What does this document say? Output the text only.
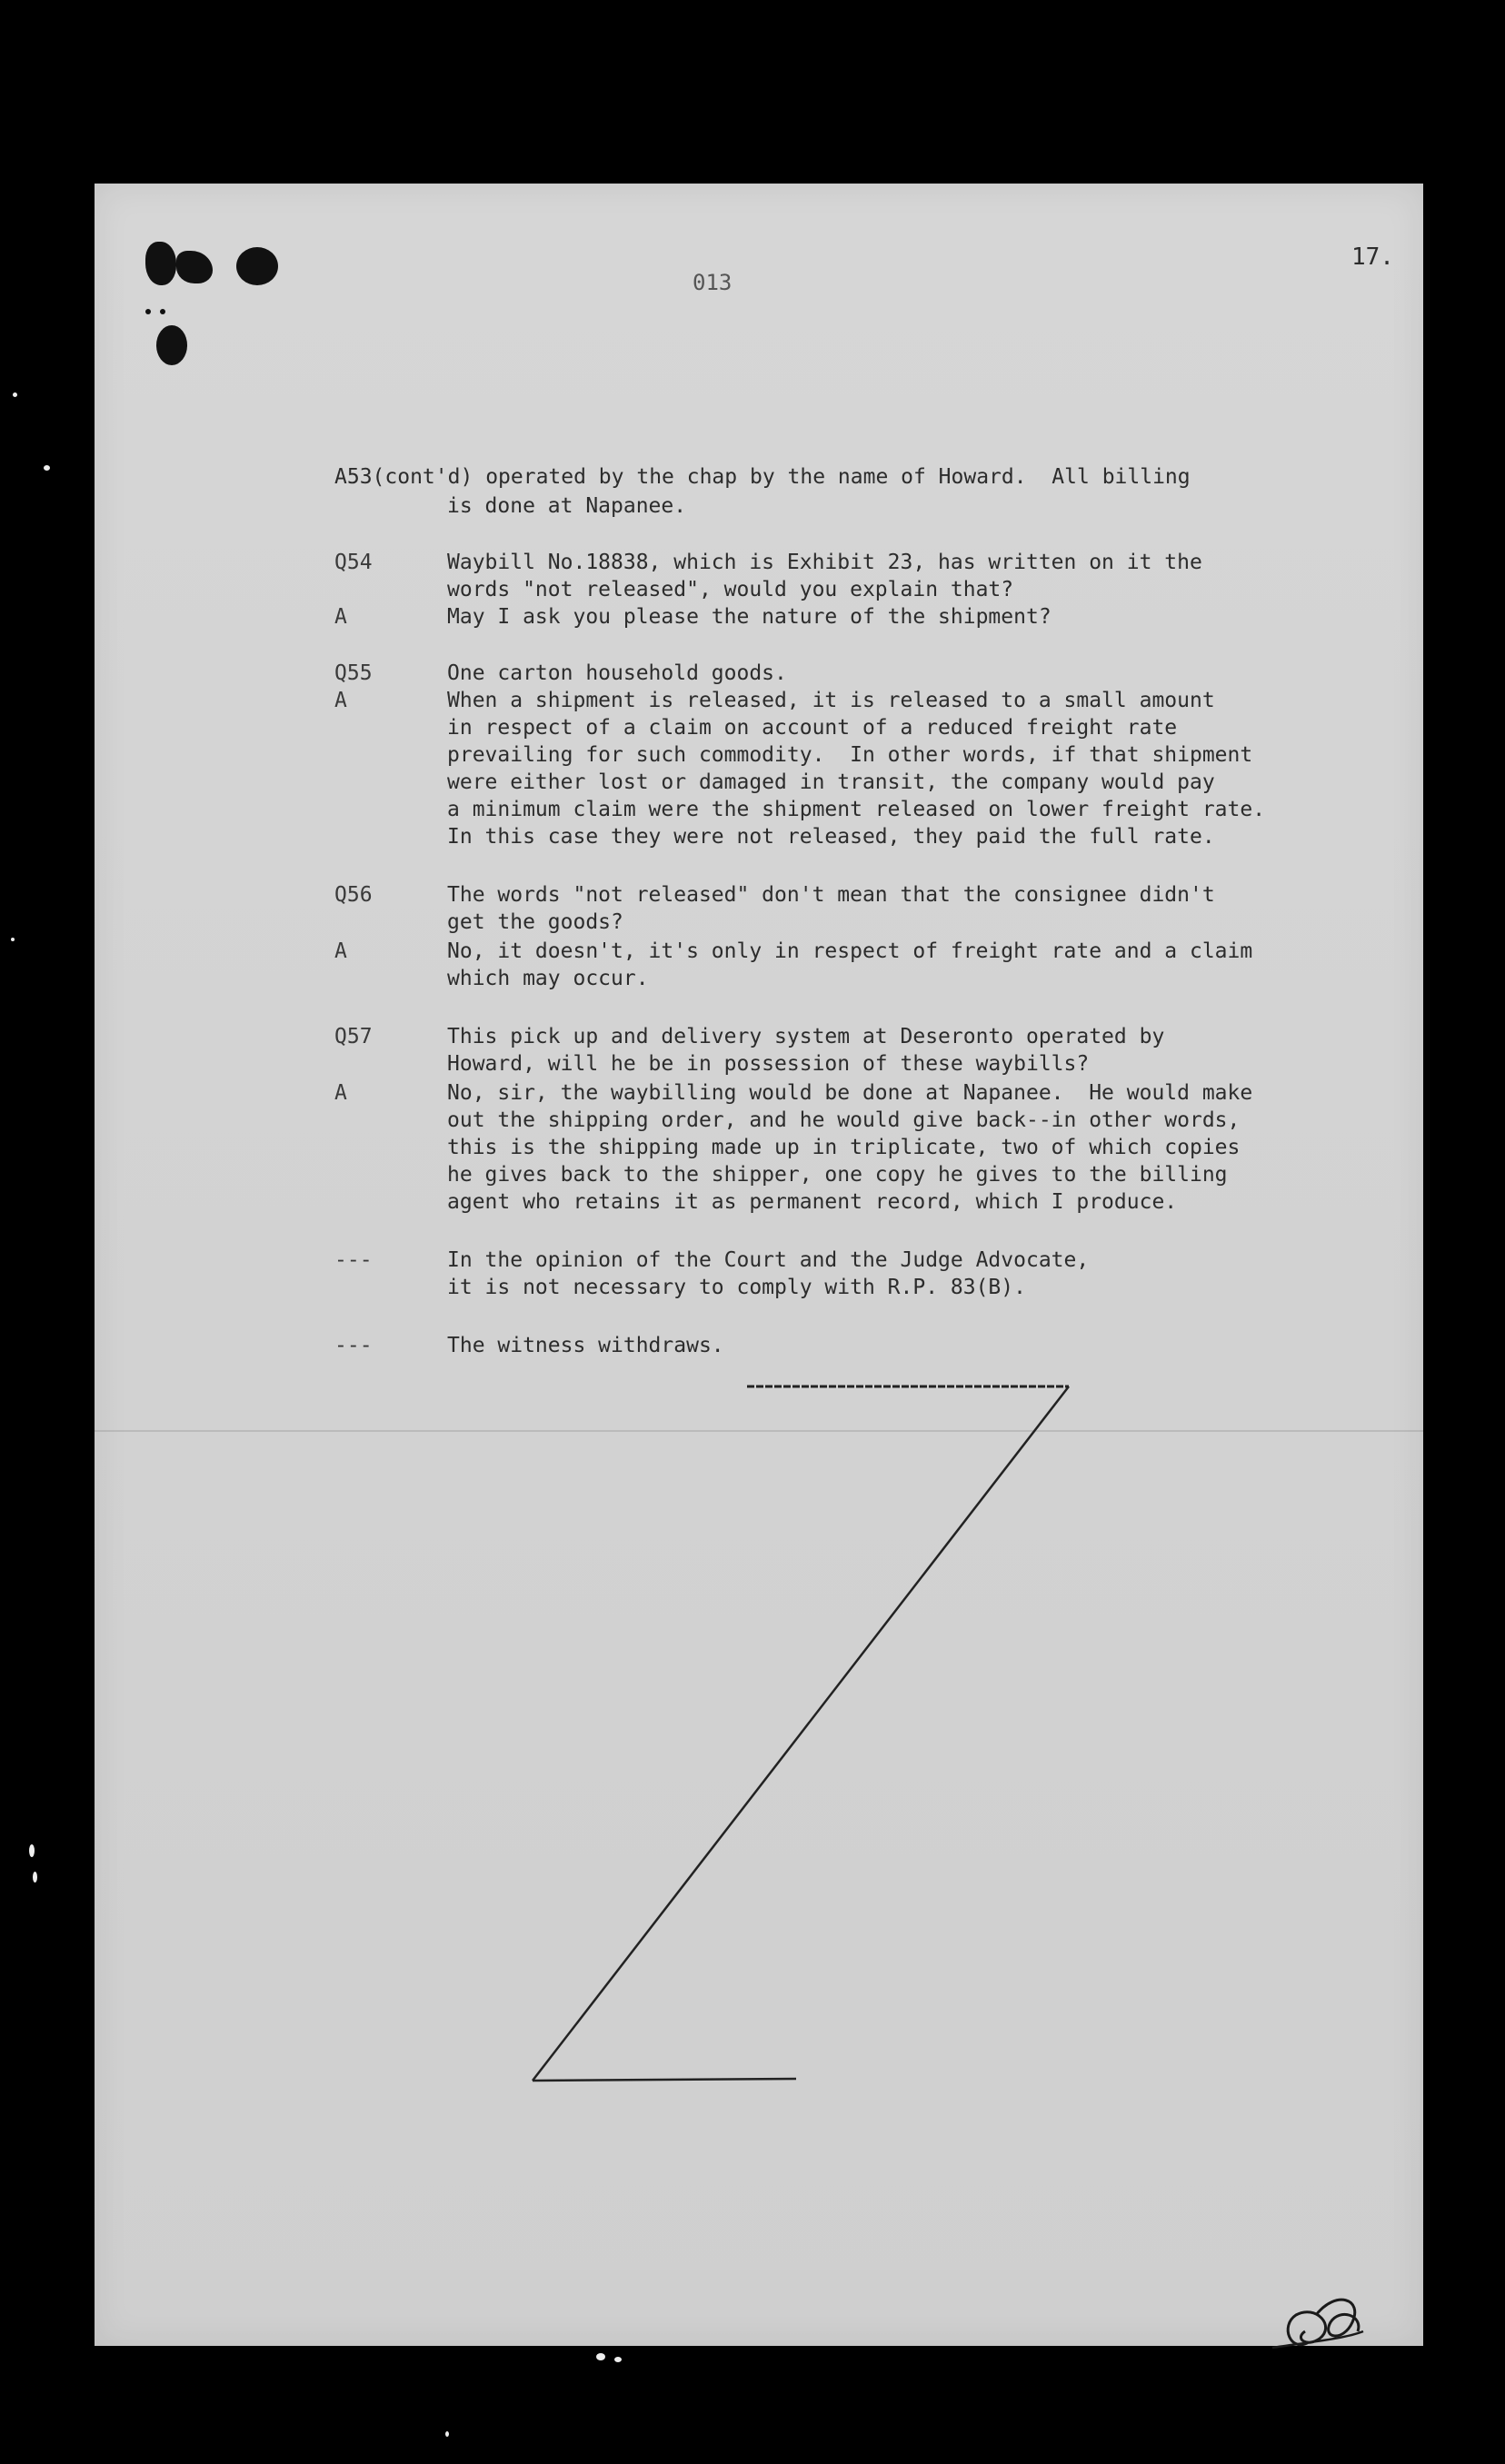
17.
013
A53(cont'd) operated by the chap by the name of Howard.  All billing
is done at Napanee.
Q54	Waybill No.18838, which is Exhibit 23, has written on it the
words "not released", would you explain that?
A	May I ask you please the nature of the shipment?
Q55	One carton household goods.
A	When a shipment is released, it is released to a small amount
in respect of a claim on account of a reduced freight rate
prevailing for such commodity.  In other words, if that shipment
were either lost or damaged in transit, the company would pay
a minimum claim were the shipment released on lower freight rate.
In this case they were not released, they paid the full rate.
Q56	The words "not released" don't mean that the consignee didn't
get the goods?
A	No, it doesn't, it's only in respect of freight rate and a claim
which may occur.
Q57	This pick up and delivery system at Deseronto operated by
Howard, will he be in possession of these waybills?
A	No, sir, the waybilling would be done at Napanee.  He would make
out the shipping order, and he would give back--in other words,
this is the shipping made up in triplicate, two of which copies
he gives back to the shipper, one copy he gives to the billing
agent who retains it as permanent record, which I produce.
---	In the opinion of the Court and the Judge Advocate,
it is not necessary to comply with R.P. 83(B).
---	The witness withdraws.
